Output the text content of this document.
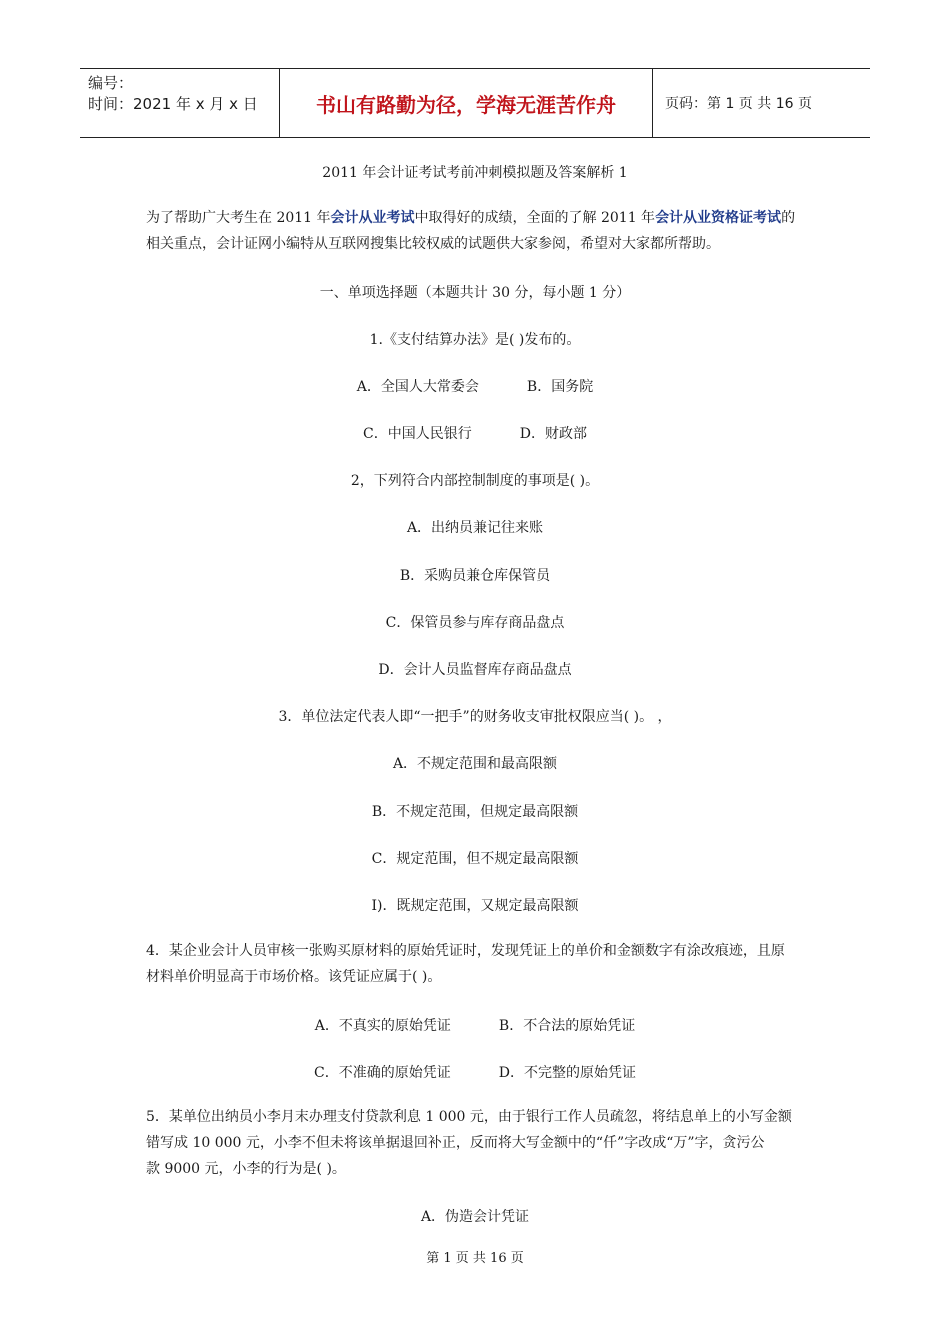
编号：
时间：2021 年 x 月 x 日	书山有路勤为径，学海无涯苦作舟	页码：第 1 页 共 16 页
2011 年会计证考试考前冲刺模拟题及答案解析 1
为了帮助广大考生在 2011 年会计从业考试中取得好的成绩，全面的了解 2011 年会计从业资格证考试的
相关重点，会计证网小编特从互联网搜集比较权威的试题供大家参阅，希望对大家都所帮助。
一、单项选择题（本题共计 30 分，每小题 1 分）
1.《支付结算办法》是( )发布的。
A．全国人大常委会	B．国务院
C．中国人民银行	D．财政部
2，下列符合内部控制制度的事项是( )。
A．出纳员兼记往来账
B．采购员兼仓库保管员
C．保管员参与库存商品盘点
D．会计人员监督库存商品盘点
3．单位法定代表人即“一把手”的财务收支审批权限应当( )。 ，
A．不规定范围和最高限额
B．不规定范围，但规定最高限额
C．规定范围，但不规定最高限额
I)．既规定范围，又规定最高限额
4．某企业会计人员审核一张购买原材料的原始凭证时，发现凭证上的单价和金额数字有涂改痕迹，且原
材料单价明显高于市场价格。该凭证应属于( )。
A．不真实的原始凭证	B．不合法的原始凭证
C．不准确的原始凭证	D．不完整的原始凭证
5．某单位出纳员小李月末办理支付贷款利息 1 000 元，由于银行工作人员疏忽，将结息单上的小写金额
错写成 10 000 元，小李不但未将该单据退回补正，反而将大写金额中的“仟”字改成“万”字，贪污公
款 9000 元，小李的行为是( )。
A．伪造会计凭证
第 1 页 共 16 页
